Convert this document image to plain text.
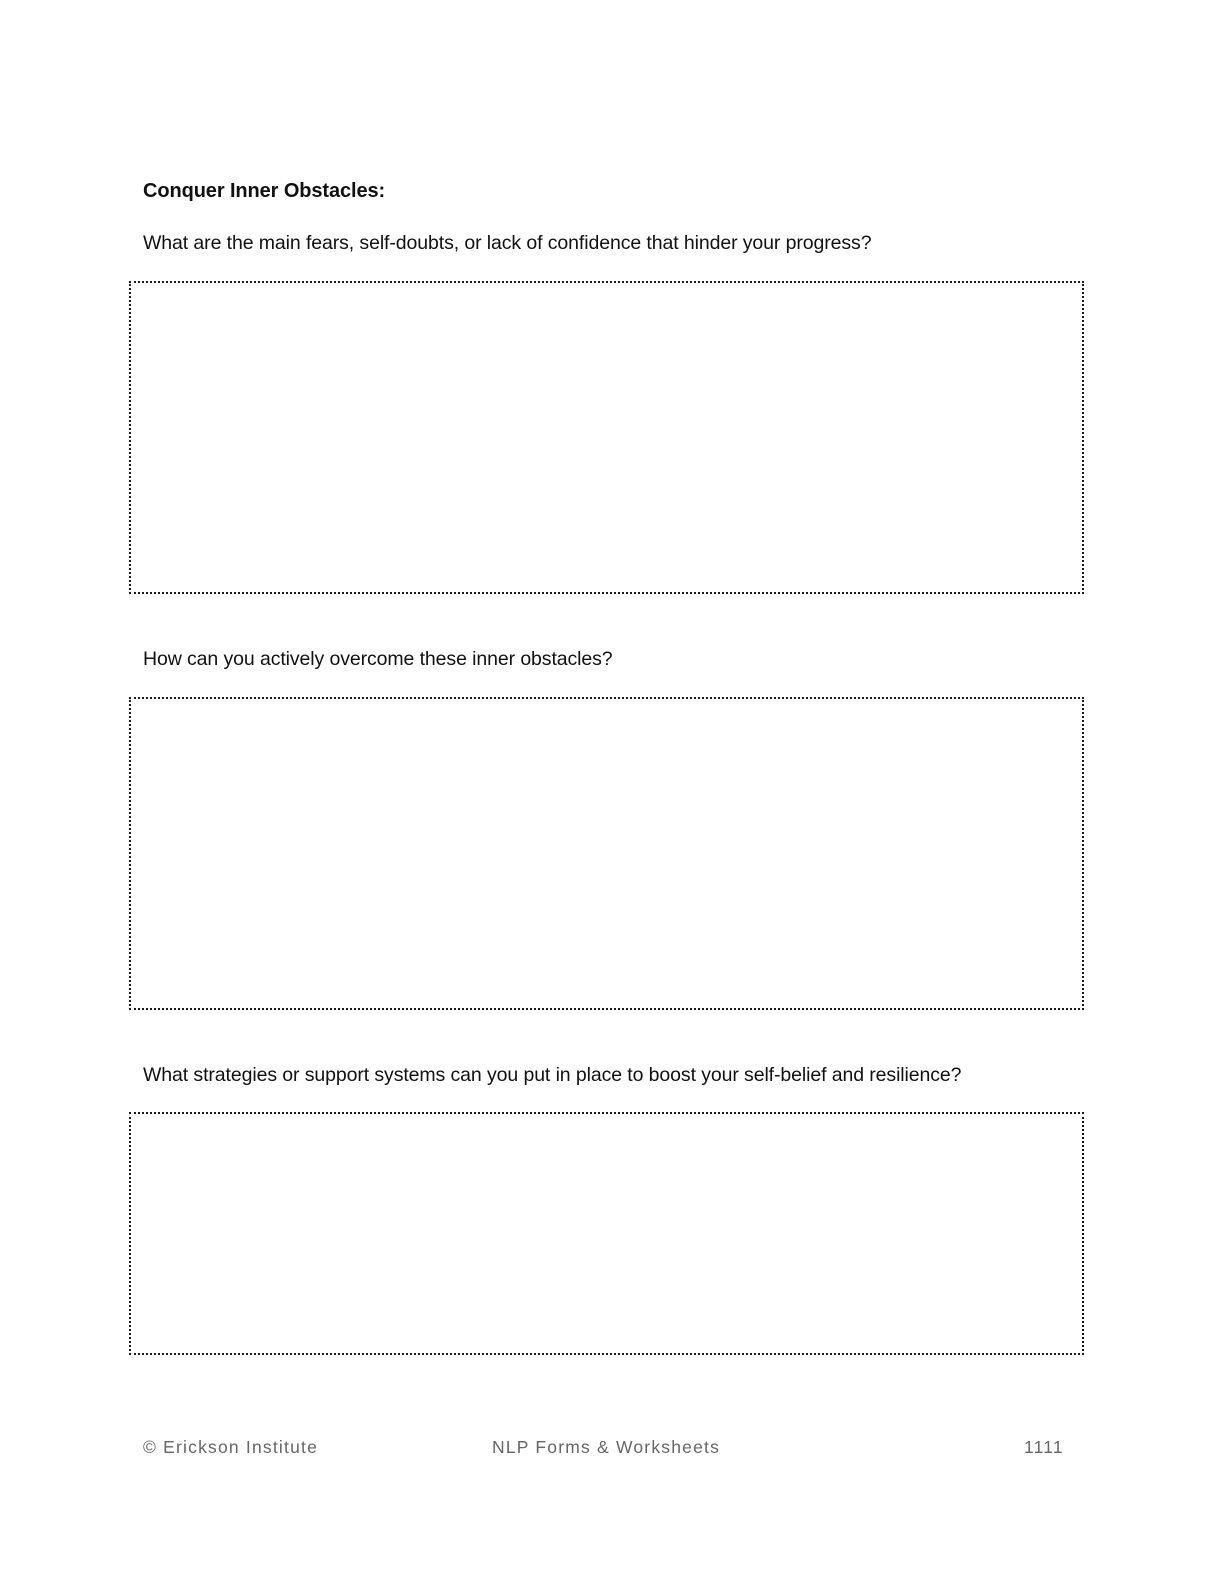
Conquer Inner Obstacles:
What are the main fears, self-doubts, or lack of confidence that hinder your progress?
How can you actively overcome these inner obstacles?
What strategies or support systems can you put in place to boost your self-belief and resilience?
© Erickson Institute	NLP Forms & Worksheets	1111
